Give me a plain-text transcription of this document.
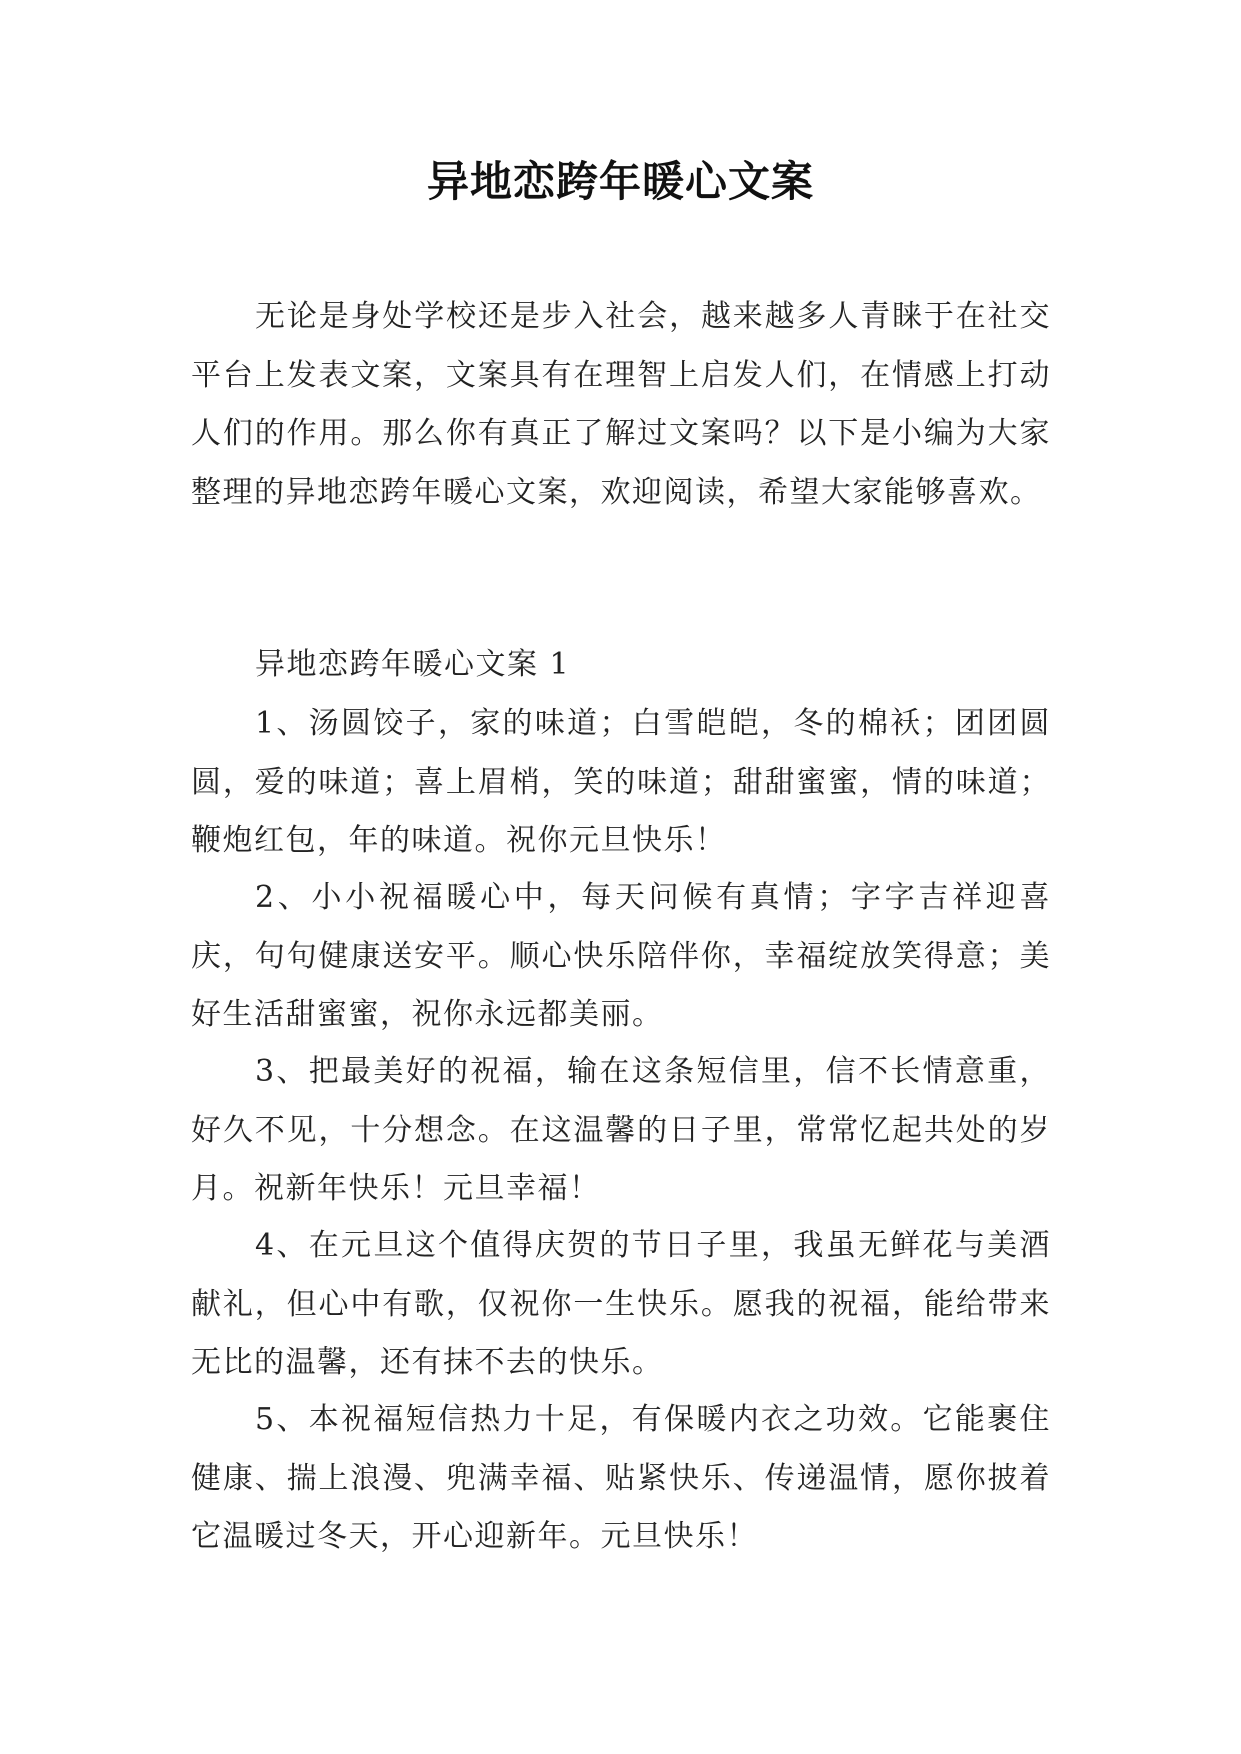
异地恋跨年暖心文案

无论是身处学校还是步入社会，越来越多人青睐于在社交平台上发表文案，文案具有在理智上启发人们，在情感上打动人们的作用。那么你有真正了解过文案吗？以下是小编为大家整理的异地恋跨年暖心文案，欢迎阅读，希望大家能够喜欢。

异地恋跨年暖心文案 1

1、汤圆饺子，家的味道；白雪皑皑，冬的棉袄；团团圆圆，爱的味道；喜上眉梢，笑的味道；甜甜蜜蜜，情的味道；鞭炮红包，年的味道。祝你元旦快乐！

2、小小祝福暖心中，每天问候有真情；字字吉祥迎喜庆，句句健康送安平。顺心快乐陪伴你，幸福绽放笑得意；美好生活甜蜜蜜，祝你永远都美丽。

3、把最美好的祝福，输在这条短信里，信不长情意重，好久不见，十分想念。在这温馨的日子里，常常忆起共处的岁月。祝新年快乐！元旦幸福！

4、在元旦这个值得庆贺的节日子里，我虽无鲜花与美酒献礼，但心中有歌，仅祝你一生快乐。愿我的祝福，能给带来无比的温馨，还有抹不去的快乐。

5、本祝福短信热力十足，有保暖内衣之功效。它能裹住健康、揣上浪漫、兜满幸福、贴紧快乐、传递温情，愿你披着它温暖过冬天，开心迎新年。元旦快乐！
